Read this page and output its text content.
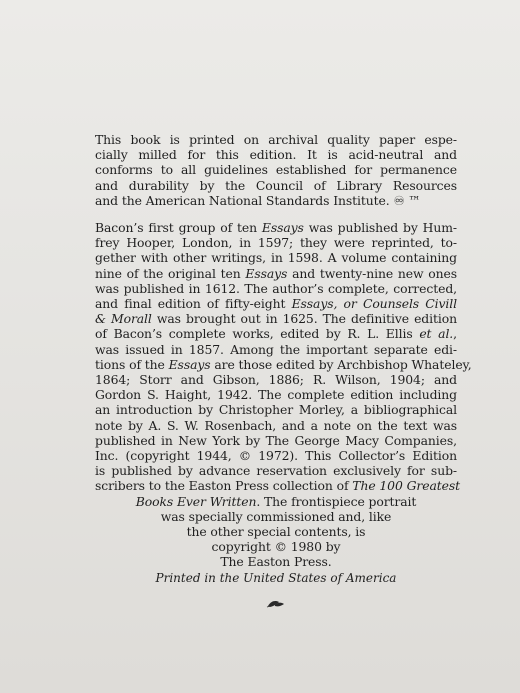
This book is printed on archival quality paper espe-
cially milled for this edition. It is acid-neutral and
conforms to all guidelines established for permanence
and durability by the Council of Library Resources
and the American National Standards Institute. ♾ ™
Bacon’s first group of ten Essays was published by Hum-
frey Hooper, London, in 1597; they were reprinted, to-
gether with other writings, in 1598. A volume containing
nine of the original ten Essays and twenty-nine new ones
was published in 1612. The author’s complete, corrected,
and final edition of fifty-eight Essays, or Counsels Civill
& Morall was brought out in 1625. The definitive edition
of Bacon’s complete works, edited by R. L. Ellis et al.,
was issued in 1857. Among the important separate edi-
tions of the Essays are those edited by Archbishop Whateley,
1864; Storr and Gibson, 1886; R. Wilson, 1904; and
Gordon S. Haight, 1942. The complete edition including
an introduction by Christopher Morley, a bibliographical
note by A. S. W. Rosenbach, and a note on the text was
published in New York by The George Macy Companies,
Inc. (copyright 1944, © 1972). This Collector’s Edition
is published by advance reservation exclusively for sub-
scribers to the Easton Press collection of The 100 Greatest
Books Ever Written. The frontispiece portrait
was specially commissioned and, like
the other special contents, is
copyright © 1980 by
The Easton Press.
Printed in the United States of America
